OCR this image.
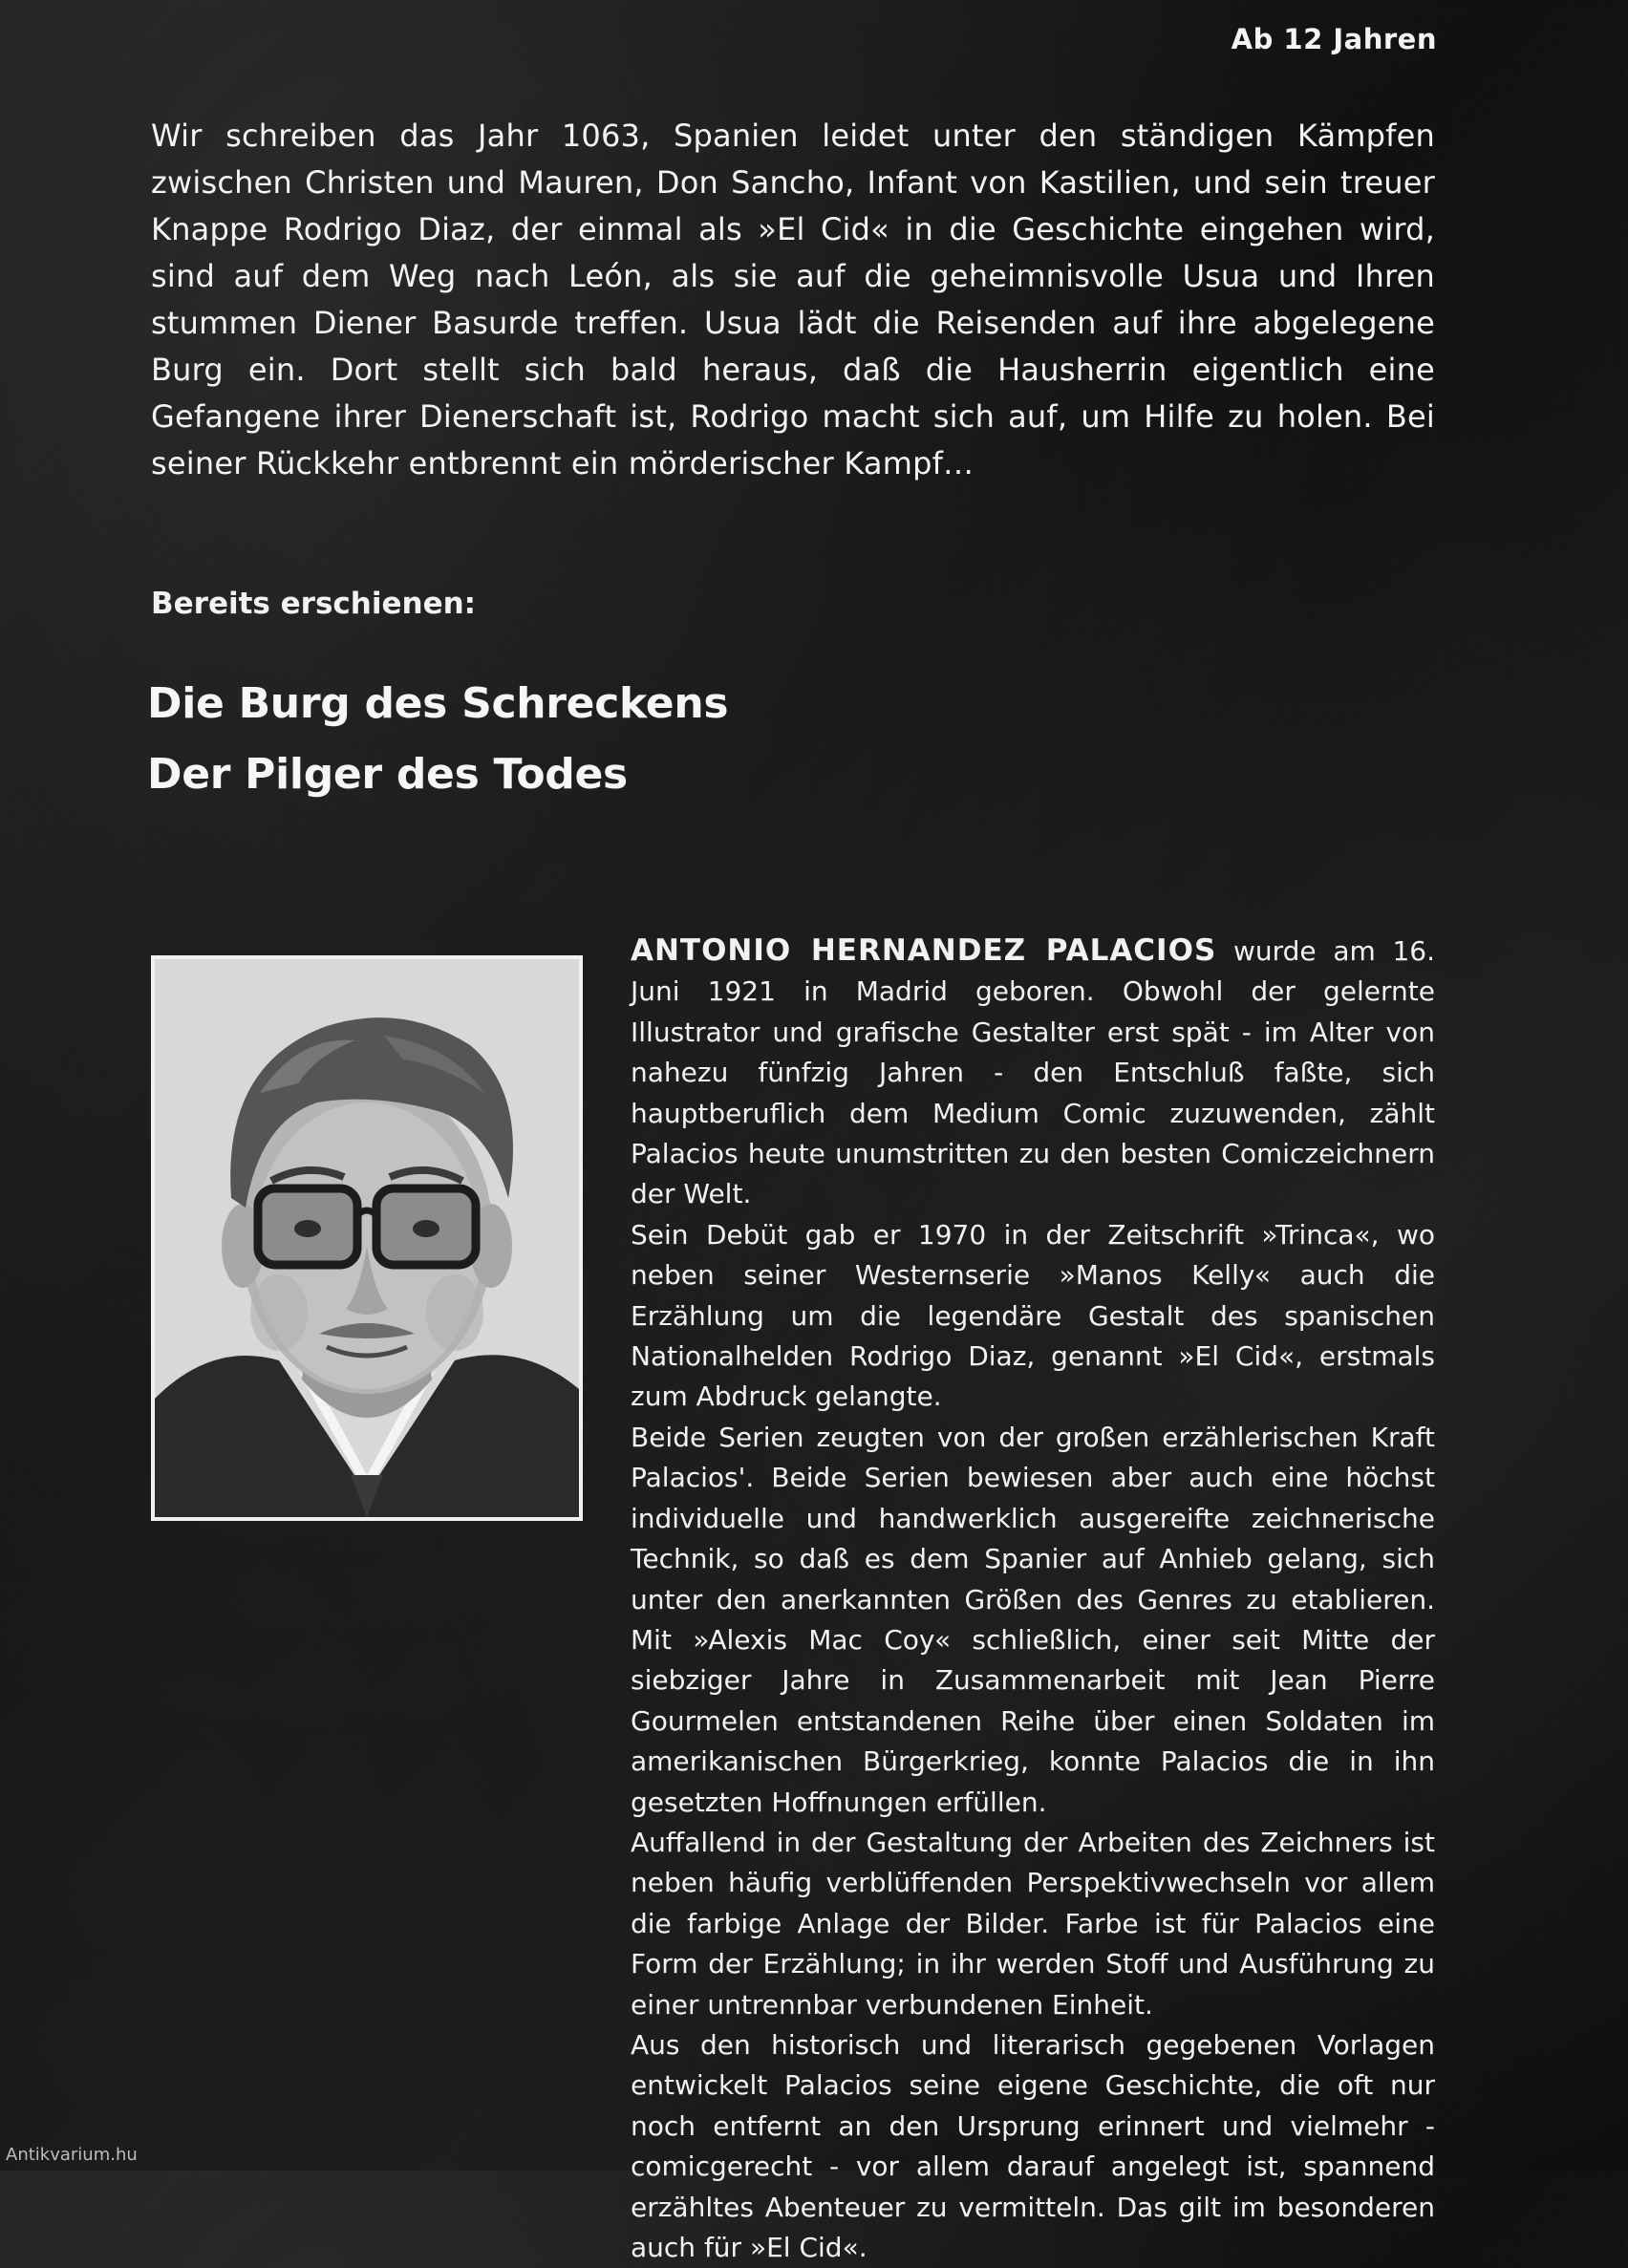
Ab 12 Jahren

Wir schreiben das Jahr 1063, Spanien leidet unter den ständigen Kämpfen zwischen Christen und Mauren, Don Sancho, Infant von Kastilien, und sein treuer Knappe Rodrigo Diaz, der einmal als »El Cid« in die Geschichte eingehen wird, sind auf dem Weg nach León, als sie auf die geheimnisvolle Usua und Ihren stummen Diener Basurde treffen. Usua lädt die Reisenden auf ihre abgelegene Burg ein. Dort stellt sich bald heraus, daß die Hausherrin eigentlich eine Gefangene ihrer Dienerschaft ist, Rodrigo macht sich auf, um Hilfe zu holen. Bei seiner Rückkehr entbrennt ein mörderischer Kampf…

Bereits erschienen:
Die Burg des Schreckens
Der Pilger des Todes

ANTONIO HERNANDEZ PALACIOS wurde am 16. Juni 1921 in Madrid geboren. Obwohl der gelernte Illustrator und grafische Gestalter erst spät - im Alter von nahezu fünfzig Jahren - den Entschluß faßte, sich hauptberuflich dem Medium Comic zuzuwenden, zählt Palacios heute unumstritten zu den besten Comiczeichnern der Welt.

Sein Debüt gab er 1970 in der Zeitschrift »Trinca«, wo neben seiner Westernserie »Manos Kelly« auch die Erzählung um die legendäre Gestalt des spanischen Nationalhelden Rodrigo Diaz, genannt »El Cid«, erstmals zum Abdruck gelangte.

Beide Serien zeugten von der großen erzählerischen Kraft Palacios'. Beide Serien bewiesen aber auch eine höchst individuelle und handwerklich ausgereifte zeichnerische Technik, so daß es dem Spanier auf Anhieb gelang, sich unter den anerkannten Größen des Genres zu etablieren. Mit »Alexis Mac Coy« schließlich, einer seit Mitte der siebziger Jahre in Zusammenarbeit mit Jean Pierre Gourmelen entstandenen Reihe über einen Soldaten im amerikanischen Bürgerkrieg, konnte Palacios die in ihn gesetzten Hoffnungen erfüllen.

Auffallend in der Gestaltung der Arbeiten des Zeichners ist neben häufig verblüffenden Perspektivwechseln vor allem die farbige Anlage der Bilder. Farbe ist für Palacios eine Form der Erzählung; in ihr werden Stoff und Ausführung zu einer untrennbar verbundenen Einheit.

Aus den historisch und literarisch gegebenen Vorlagen entwickelt Palacios seine eigene Geschichte, die oft nur noch entfernt an den Ursprung erinnert und vielmehr - comicgerecht - vor allem darauf angelegt ist, spannend erzähltes Abenteuer zu vermitteln. Das gilt im besonderen auch für »El Cid«.

Antikvarium.hu
